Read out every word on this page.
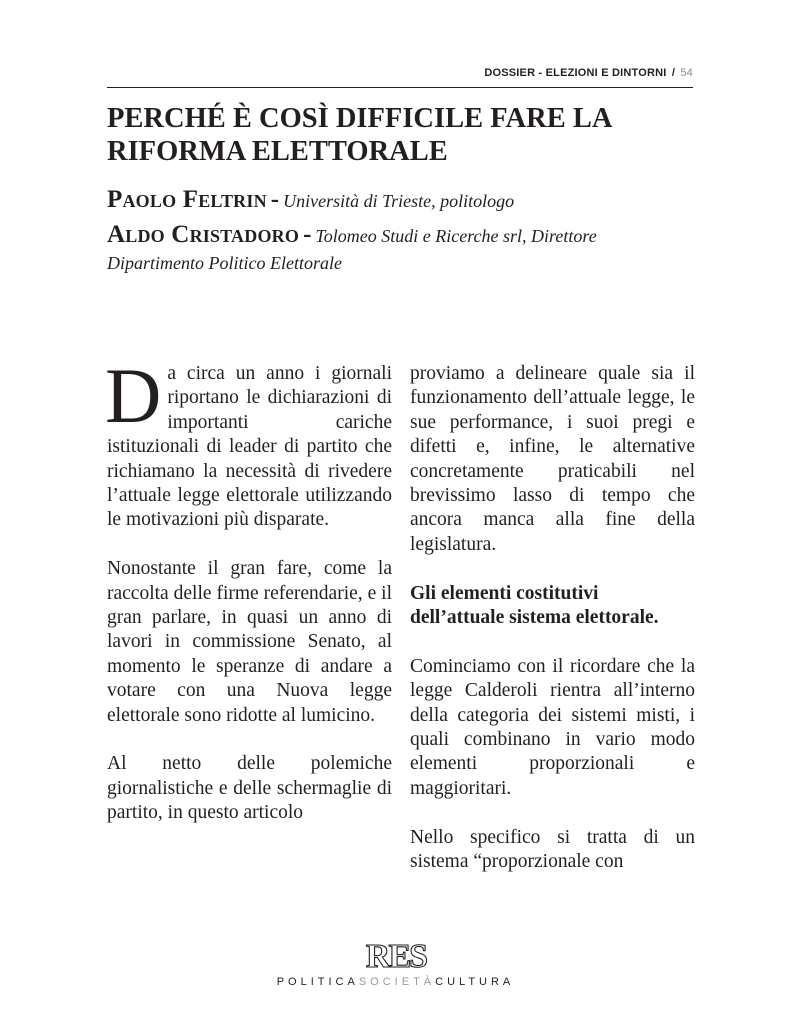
DOSSIER - ELEZIONI E DINTORNI / 54
PERCHÉ È COSÌ DIFFICILE FARE LA RIFORMA ELETTORALE
Paolo Feltrin - Università di Trieste, politologo
Aldo Cristadoro - Tolomeo Studi e Ricerche srl, Direttore
Dipartimento Politico Elettorale

Da circa un anno i giornali riportano le dichiarazioni di importanti cariche istituzionali di leader di partito che richiamano la necessità di rivedere l’attuale legge elettorale utilizzando le motivazioni più disparate.

Nonostante il gran fare, come la raccolta delle firme referendarie, e il gran parlare, in quasi un anno di lavori in commissione Senato, al momento le speranze di andare a votare con una Nuova legge elettorale sono ridotte al lumicino.

Al netto delle polemiche giornalistiche e delle schermaglie di partito, in questo articolo

proviamo a delineare quale sia il funzionamento dell’attuale legge, le sue performance, i suoi pregi e difetti e, infine, le alternative concretamente praticabili nel brevissimo lasso di tempo che ancora manca alla fine della legislatura.

Gli elementi costitutivi dell’attuale sistema elettorale.

Cominciamo con il ricordare che la legge Calderoli rientra all’interno della categoria dei sistemi misti, i quali combinano in vario modo elementi proporzionali e maggioritari.

Nello specifico si tratta di un sistema “proporzionale con

RES
POLITICASOCIETÀCULTURA
